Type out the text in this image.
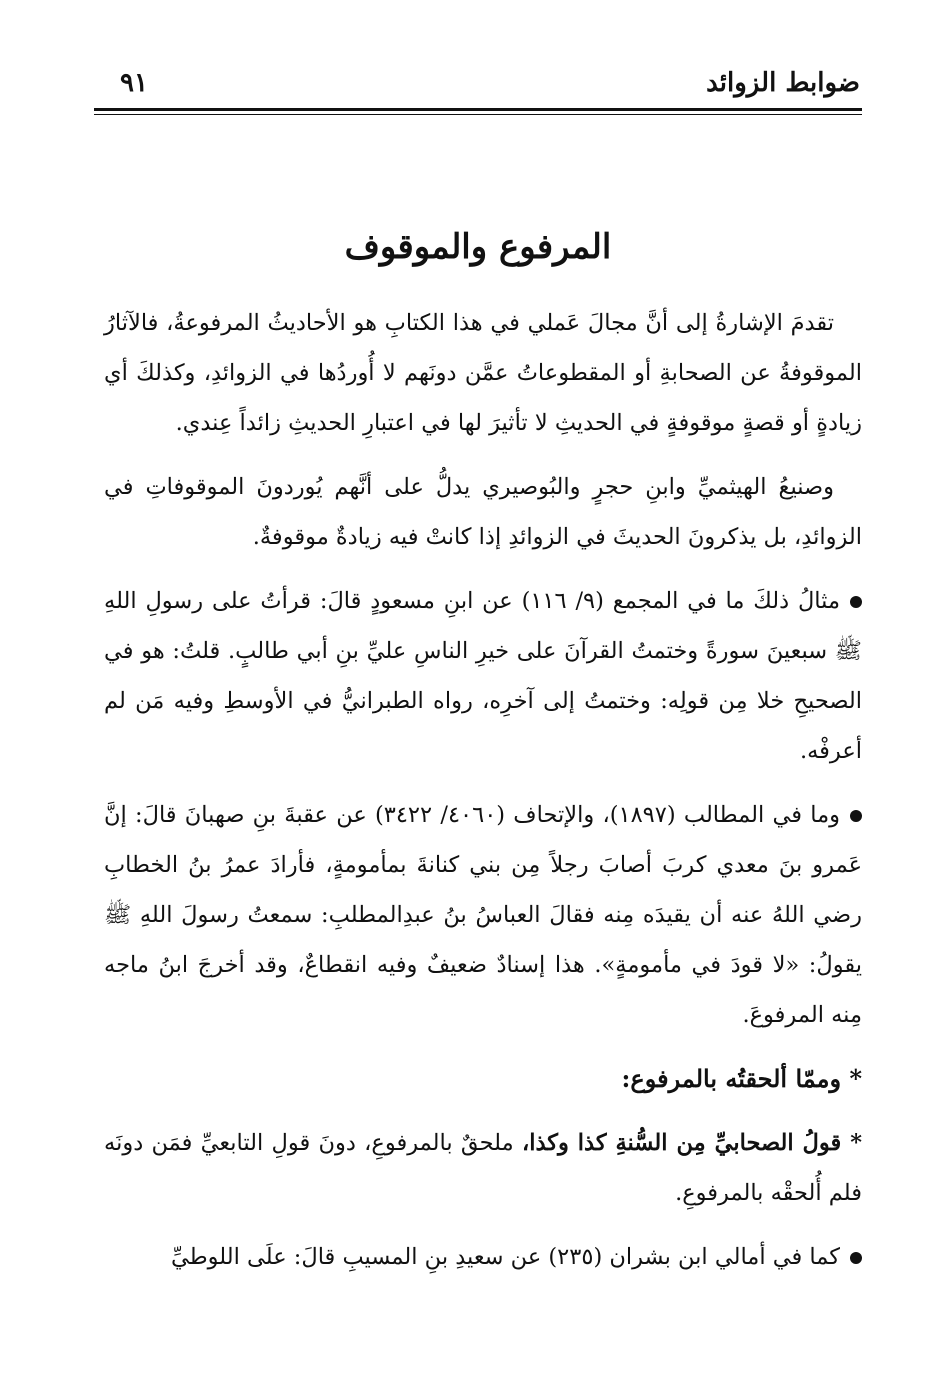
ضوابط الزوائد
٩١
المرفوع والموقوف

تقدمَ الإشارةُ إلى أنَّ مجالَ عَملي في هذا الكتابِ هو الأحاديثُ المرفوعةُ، فالآثارُ الموقوفةُ عن الصحابةِ أو المقطوعاتُ عمَّن دونَهم لا أُوردُها في الزوائدِ، وكذلكَ أي زيادةٍ أو قصةٍ موقوفةٍ في الحديثِ لا تأثيرَ لها في اعتبارِ الحديثِ زائداً عِندي.

وصنيعُ الهيثميِّ وابنِ حجرٍ والبُوصيري يدلُّ على أنَّهم يُوردونَ الموقوفاتِ في الزوائدِ، بل يذكرونَ الحديثَ في الزوائدِ إذا كانتْ فيه زيادةٌ موقوفةٌ.

مثالُ ذلكَ ما في المجمع (٩/ ١١٦) عن ابنِ مسعودٍ قالَ: قرأتُ على رسولِ اللهِ ﷺ سبعينَ سورةً وختمتُ القرآنَ على خيرِ الناسِ عليِّ بنِ أبي طالبٍ. قلتُ: هو في الصحيحِ خلا مِن قولِه: وختمتُ إلى آخرِه، رواه الطبرانيُّ في الأوسطِ وفيه مَن لم أعرفْه.

وما في المطالب (١٨٩٧)، والإتحاف (٤٠٦٠/ ٣٤٢٢) عن عقبةَ بنِ صهبانَ قالَ: إنَّ عَمرو بنَ معدي كربَ أصابَ رجلاً مِن بني كنانةَ بمأمومةٍ، فأرادَ عمرُ بنُ الخطابِ رضي اللهُ عنه أن يقيدَه مِنه فقالَ العباسُ بنُ عبدِالمطلبِ: سمعتُ رسولَ اللهِ ﷺ يقولُ: «لا قودَ في مأمومةٍ». هذا إسنادٌ ضعيفٌ وفيه انقطاعٌ، وقد أخرجَ ابنُ ماجه مِنه المرفوعَ.

* وممّا ألحقتُه بالمرفوع:

* قولُ الصحابيِّ مِن السُّنةِ كذا وكذا، ملحقٌ بالمرفوعِ، دونَ قولِ التابعيِّ فمَن دونَه فلم أُلحقْه بالمرفوعِ.

كما في أمالي ابن بشران (٢٣٥) عن سعيدِ بنِ المسيبِ قالَ: علَى اللوطيِّ
